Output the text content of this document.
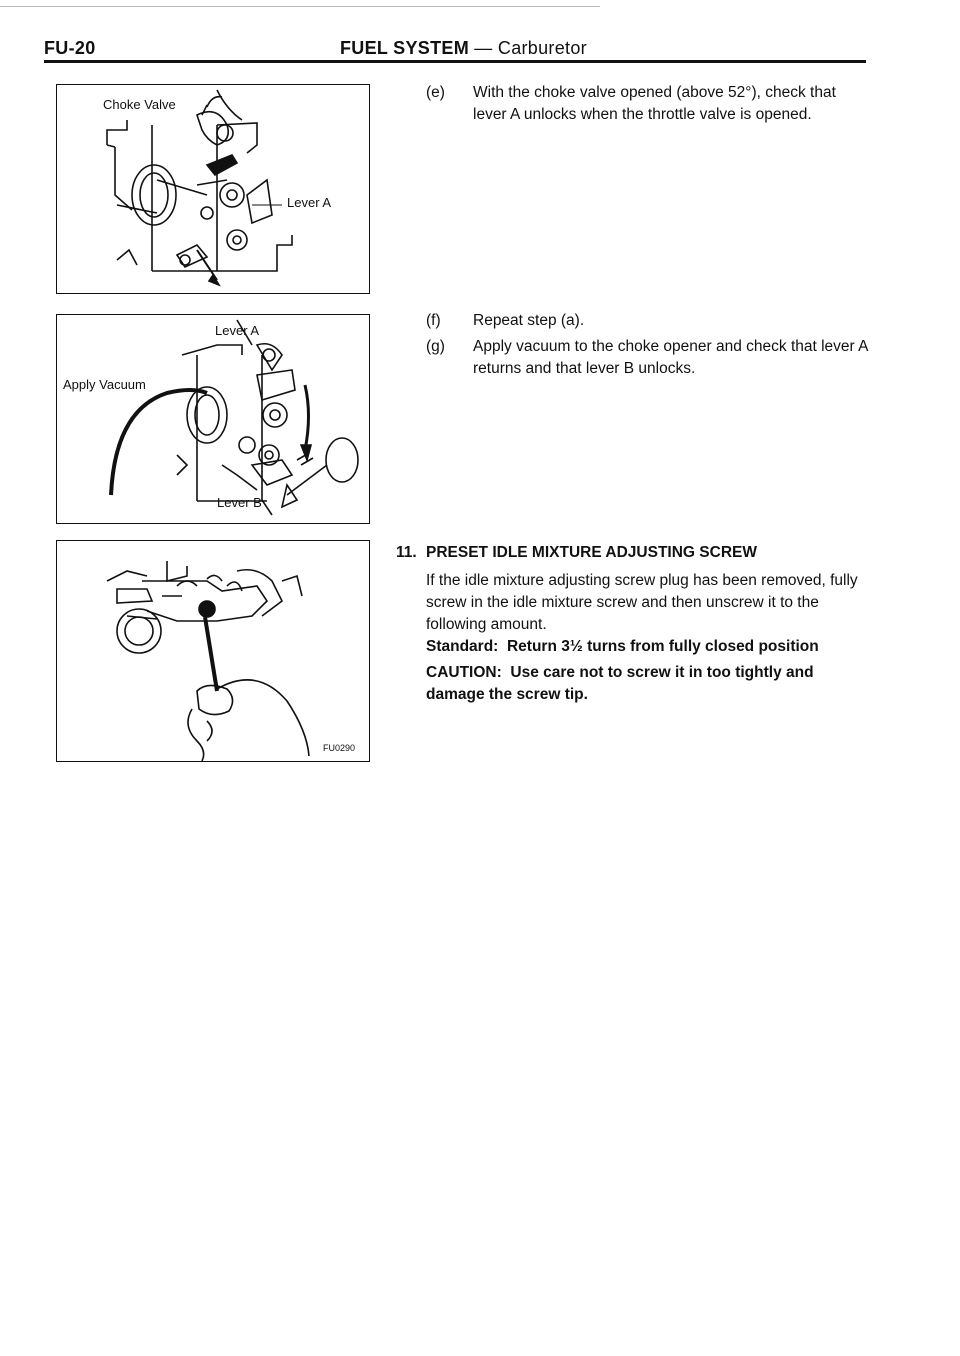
FU-20	FUEL SYSTEM — Carburetor
Choke Valve
Lever A
Lever A
Apply Vacuum
Lever B
FU0290
(e) With the choke valve opened (above 52°), check that lever A unlocks when the throttle valve is opened.
(f) Repeat step (a).
(g) Apply vacuum to the choke opener and check that lever A returns and that lever B unlocks.
11. PRESET IDLE MIXTURE ADJUSTING SCREW
If the idle mixture adjusting screw plug has been removed, fully screw in the idle mixture screw and then unscrew it to the following amount.
Standard: Return 3½ turns from fully closed position
CAUTION: Use care not to screw it in too tightly and damage the screw tip.
